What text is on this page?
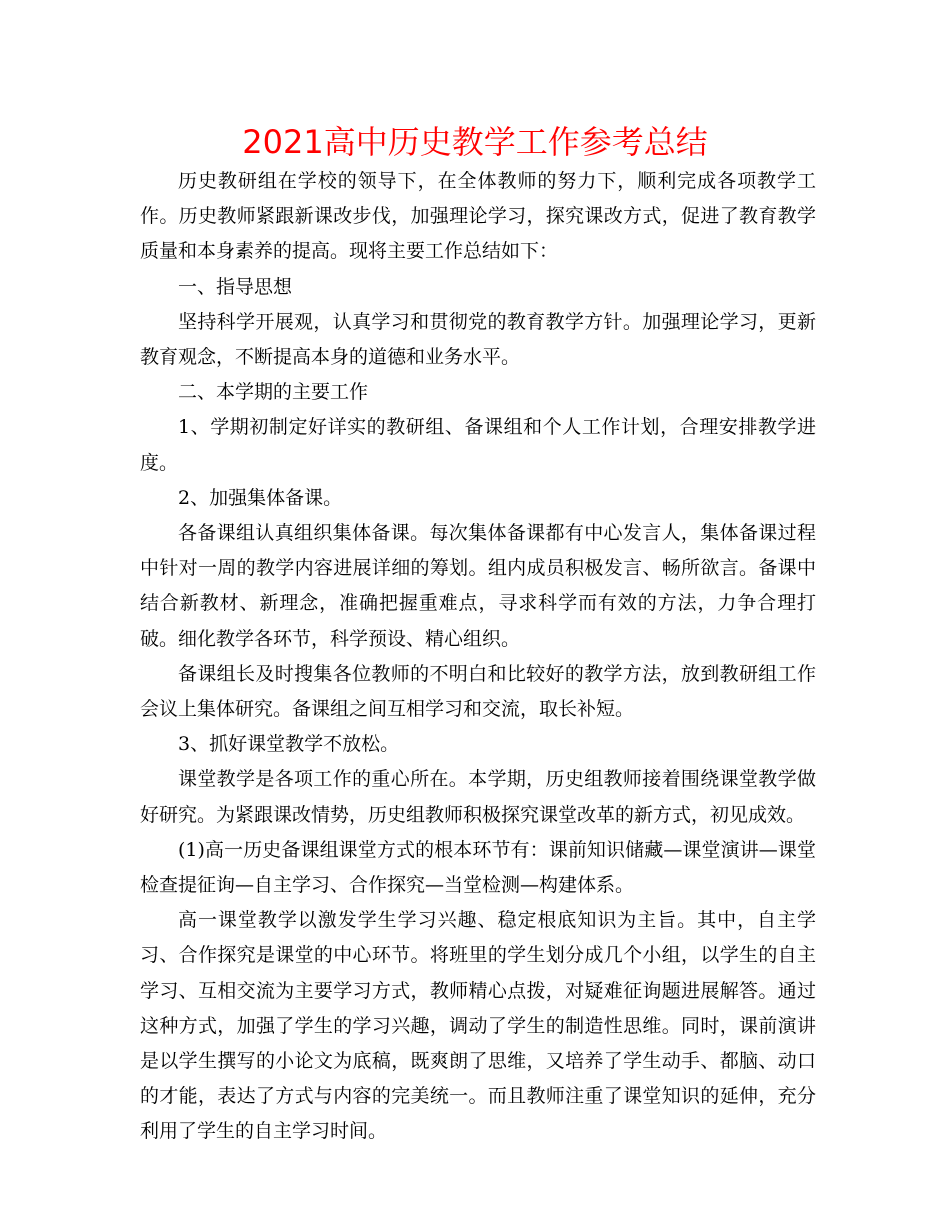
2021高中历史教学工作参考总结

历史教研组在学校的领导下，在全体教师的努力下，顺利完成各项教学工作。历史教师紧跟新课改步伐，加强理论学习，探究课改方式，促进了教育教学质量和本身素养的提高。现将主要工作总结如下：

一、指导思想

坚持科学开展观，认真学习和贯彻党的教育教学方针。加强理论学习，更新教育观念，不断提高本身的道德和业务水平。

二、本学期的主要工作

1、学期初制定好详实的教研组、备课组和个人工作计划，合理安排教学进度。

2、加强集体备课。

各备课组认真组织集体备课。每次集体备课都有中心发言人，集体备课过程中针对一周的教学内容进展详细的筹划。组内成员积极发言、畅所欲言。备课中结合新教材、新理念，准确把握重难点，寻求科学而有效的方法，力争合理打破。细化教学各环节，科学预设、精心组织。

备课组长及时搜集各位教师的不明白和比较好的教学方法，放到教研组工作会议上集体研究。备课组之间互相学习和交流，取长补短。

3、抓好课堂教学不放松。

课堂教学是各项工作的重心所在。本学期，历史组教师接着围绕课堂教学做好研究。为紧跟课改情势，历史组教师积极探究课堂改革的新方式，初见成效。

(1)高一历史备课组课堂方式的根本环节有：课前知识储藏—课堂演讲—课堂检查提征询—自主学习、合作探究—当堂检测—构建体系。

高一课堂教学以激发学生学习兴趣、稳定根底知识为主旨。其中，自主学习、合作探究是课堂的中心环节。将班里的学生划分成几个小组，以学生的自主学习、互相交流为主要学习方式，教师精心点拨，对疑难征询题进展解答。通过这种方式，加强了学生的学习兴趣，调动了学生的制造性思维。同时，课前演讲是以学生撰写的小论文为底稿，既爽朗了思维，又培养了学生动手、都脑、动口的才能，表达了方式与内容的完美统一。而且教师注重了课堂知识的延伸，充分利用了学生的自主学习时间。
